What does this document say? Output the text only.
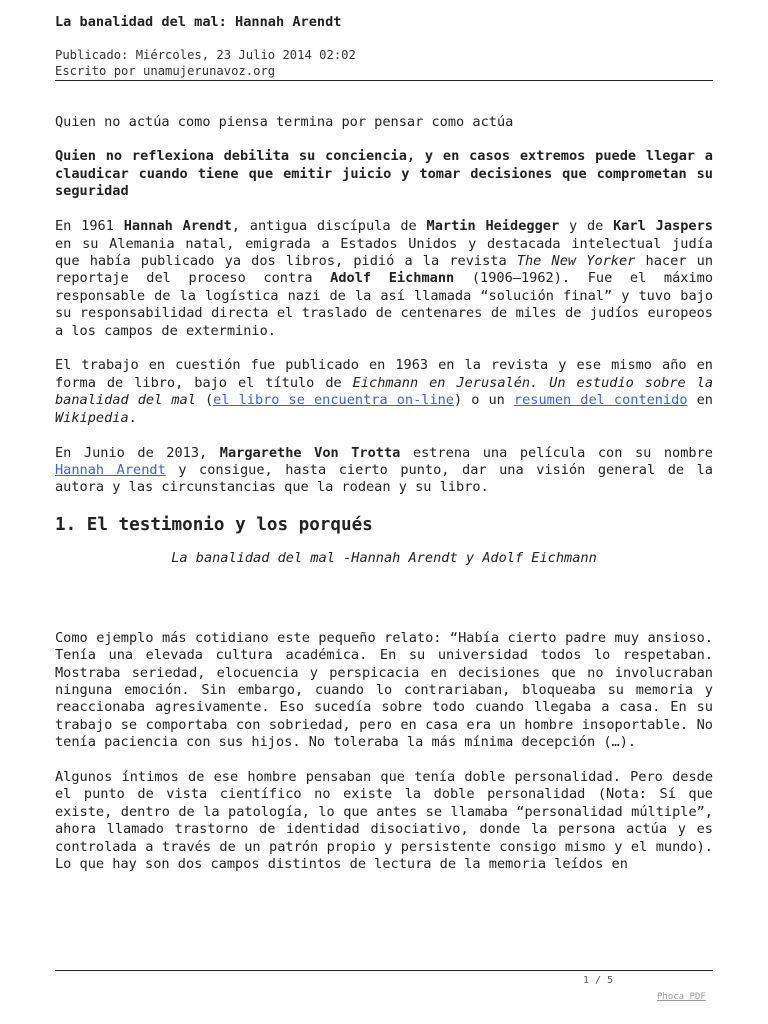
La banalidad del mal: Hannah Arendt
Publicado: Miércoles, 23 Julio 2014 02:02
Escrito por unamujerunavoz.org

Quien no actúa como piensa termina por pensar como actúa

Quien no reflexiona debilita su conciencia, y en casos extremos puede llegar a claudicar cuando tiene que emitir juicio y tomar decisiones que comprometan su seguridad

En 1961 Hannah Arendt, antigua discípula de Martin Heidegger y de Karl Jaspers en su Alemania natal, emigrada a Estados Unidos y destacada intelectual judía que había publicado ya dos libros, pidió a la revista The New Yorker hacer un reportaje del proceso contra Adolf Eichmann (1906–1962). Fue el máximo responsable de la logística nazi de la así llamada “solución final” y tuvo bajo su responsabilidad directa el traslado de centenares de miles de judíos europeos a los campos de exterminio.

El trabajo en cuestión fue publicado en 1963 en la revista y ese mismo año en forma de libro, bajo el título de Eichmann en Jerusalén. Un estudio sobre la banalidad del mal (el libro se encuentra on-line) o un resumen del contenido en Wikipedia.

En Junio de 2013, Margarethe Von Trotta estrena una película con su nombre Hannah Arendt y consigue, hasta cierto punto, dar una visión general de la autora y las circunstancias que la rodean y su libro.

1. El testimonio y los porqués
La banalidad del mal -Hannah Arendt y Adolf Eichmann

Como ejemplo más cotidiano este pequeño relato: “Había cierto padre muy ansioso. Tenía una elevada cultura académica. En su universidad todos lo respetaban. Mostraba seriedad, elocuencia y perspicacia en decisiones que no involucraban ninguna emoción. Sin embargo, cuando lo contrariaban, bloqueaba su memoria y reaccionaba agresivamente. Eso sucedía sobre todo cuando llegaba a casa. En su trabajo se comportaba con sobriedad, pero en casa era un hombre insoportable. No tenía paciencia con sus hijos. No toleraba la más mínima decepción (…).

Algunos íntimos de ese hombre pensaban que tenía doble personalidad. Pero desde el punto de vista científico no existe la doble personalidad (Nota: Sí que existe, dentro de la patología, lo que antes se llamaba “personalidad múltiple”, ahora llamado trastorno de identidad disociativo, donde la persona actúa y es controlada a través de un patrón propio y persistente consigo mismo y el mundo). Lo que hay son dos campos distintos de lectura de la memoria leídos en

1 / 5
Phoca PDF
